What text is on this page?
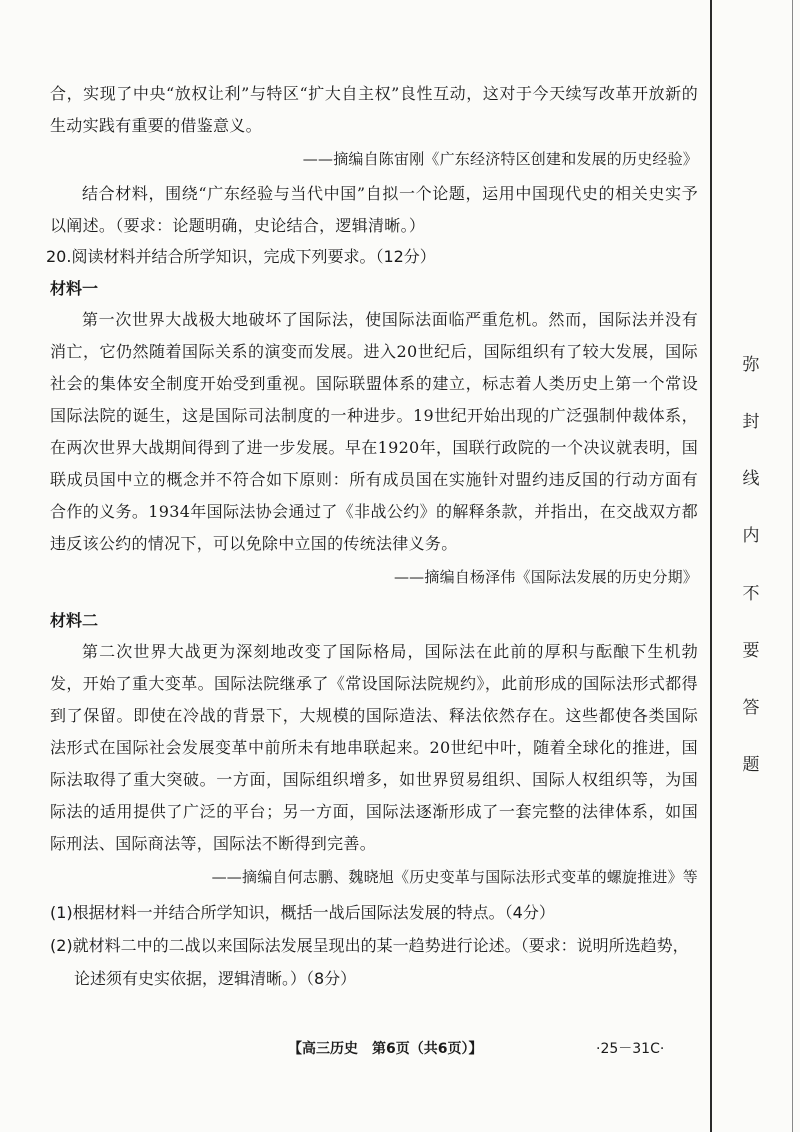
合，实现了中央“放权让利”与特区“扩大自主权”良性互动，这对于今天续写改革开放新的生动实践有重要的借鉴意义。

——摘编自陈宙刚《广东经济特区创建和发展的历史经验》

结合材料，围绕“广东经验与当代中国”自拟一个论题，运用中国现代史的相关史实予以阐述。（要求：论题明确，史论结合，逻辑清晰。）

20.阅读材料并结合所学知识，完成下列要求。（12分）

材料一

第一次世界大战极大地破坏了国际法，使国际法面临严重危机。然而，国际法并没有消亡，它仍然随着国际关系的演变而发展。进入20世纪后，国际组织有了较大发展，国际社会的集体安全制度开始受到重视。国际联盟体系的建立，标志着人类历史上第一个常设国际法院的诞生，这是国际司法制度的一种进步。19世纪开始出现的广泛强制仲裁体系，在两次世界大战期间得到了进一步发展。早在1920年，国联行政院的一个决议就表明，国联成员国中立的概念并不符合如下原则：所有成员国在实施针对盟约违反国的行动方面有合作的义务。1934年国际法协会通过了《非战公约》的解释条款，并指出，在交战双方都违反该公约的情况下，可以免除中立国的传统法律义务。

——摘编自杨泽伟《国际法发展的历史分期》

材料二

第二次世界大战更为深刻地改变了国际格局，国际法在此前的厚积与酝酿下生机勃发，开始了重大变革。国际法院继承了《常设国际法院规约》，此前形成的国际法形式都得到了保留。即使在冷战的背景下，大规模的国际造法、释法依然存在。这些都使各类国际法形式在国际社会发展变革中前所未有地串联起来。20世纪中叶，随着全球化的推进，国际法取得了重大突破。一方面，国际组织增多，如世界贸易组织、国际人权组织等，为国际法的适用提供了广泛的平台；另一方面，国际法逐渐形成了一套完整的法律体系，如国际刑法、国际商法等，国际法不断得到完善。

——摘编自何志鹏、魏晓旭《历史变革与国际法形式变革的螺旋推进》等

(1)根据材料一并结合所学知识，概括一战后国际法发展的特点。（4分）

(2)就材料二中的二战以来国际法发展呈现出的某一趋势进行论述。（要求：说明所选趋势，

论述须有史实依据，逻辑清晰。）（8分）

弥
封
线
内
不
要
答
题
【高三历史　第6页（共6页）】	·25－31C·
